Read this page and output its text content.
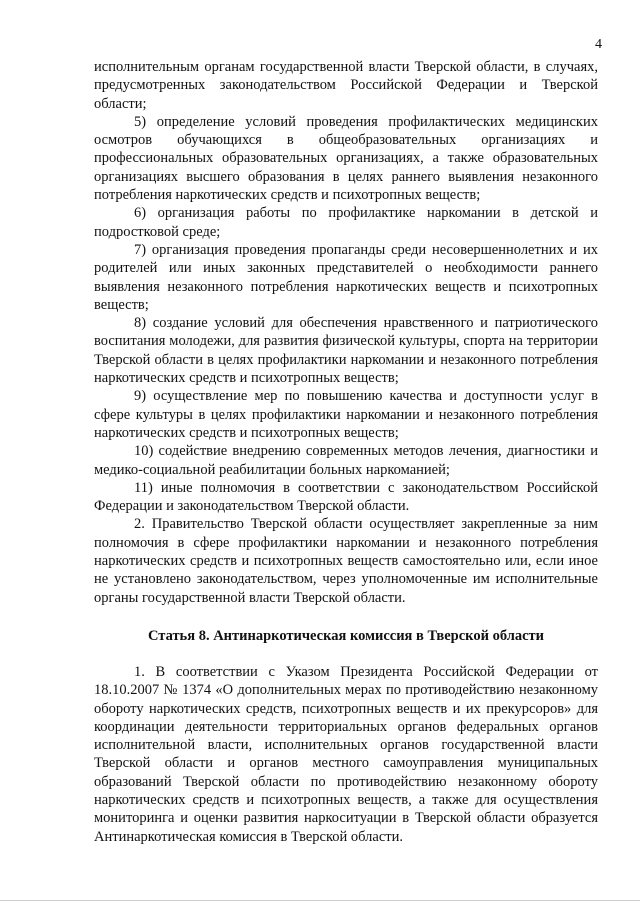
4

исполнительным органам государственной власти Тверской области, в случаях, предусмотренных законодательством Российской Федерации и Тверской области;

5) определение условий проведения профилактических медицинских осмотров обучающихся в общеобразовательных организациях и профессиональных образовательных организациях, а также образовательных организациях высшего образования в целях раннего выявления незаконного потребления наркотических средств и психотропных веществ;

6) организация работы по профилактике наркомании в детской и подростковой среде;

7) организация проведения пропаганды среди несовершеннолетних и их родителей или иных законных представителей о необходимости раннего выявления незаконного потребления наркотических веществ и психотропных веществ;

8) создание условий для обеспечения нравственного и патриотического воспитания молодежи, для развития физической культуры, спорта на территории Тверской области в целях профилактики наркомании и незаконного потребления наркотических средств и психотропных веществ;

9) осуществление мер по повышению качества и доступности услуг в сфере культуры в целях профилактики наркомании и незаконного потребления наркотических средств и психотропных веществ;

10) содействие внедрению современных методов лечения, диагностики и медико-социальной реабилитации больных наркоманией;

11) иные полномочия в соответствии с законодательством Российской Федерации и законодательством Тверской области.

2. Правительство Тверской области осуществляет закрепленные за ним полномочия в сфере профилактики наркомании и незаконного потребления наркотических средств и психотропных веществ самостоятельно или, если иное не установлено законодательством, через уполномоченные им исполнительные органы государственной власти Тверской области.

Статья 8. Антинаркотическая комиссия в Тверской области

1. В соответствии с Указом Президента Российской Федерации от 18.10.2007 № 1374 «О дополнительных мерах по противодействию незаконному обороту наркотических средств, психотропных веществ и их прекурсоров» для координации деятельности территориальных органов федеральных органов исполнительной власти, исполнительных органов государственной власти Тверской области и органов местного самоуправления муниципальных образований Тверской области по противодействию незаконному обороту наркотических средств и психотропных веществ, а также для осуществления мониторинга и оценки развития наркоситуации в Тверской области образуется Антинаркотическая комиссия в Тверской области.
